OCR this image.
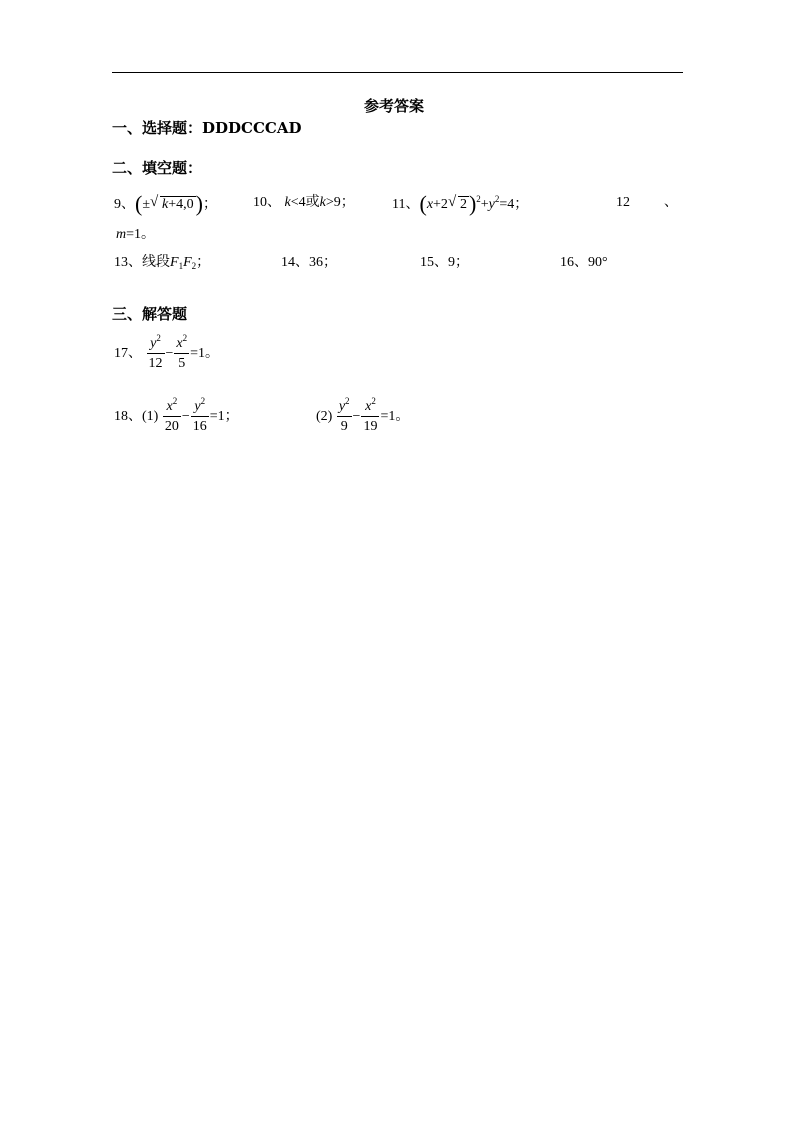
参考答案
一、选择题：DDDCCCAD
二、填空题：
9、(± √ k+4,0)；	10、 k<4或k>9；	11、(x+2 √ $2)^2+y^2=4$；	12 、
m=1。
13、线段$F_1F_2$；	14、36；	15、9；	16、90°
三、解答题
17、 $\frac{y^2}{12} - \frac{x^2}{5} =1$。
18、$(1) \frac{x^2}{20} - \frac{y^2}{16} =1$；	$(2) \frac{y^2}{9} - \frac{x^2}{19} =1$。
